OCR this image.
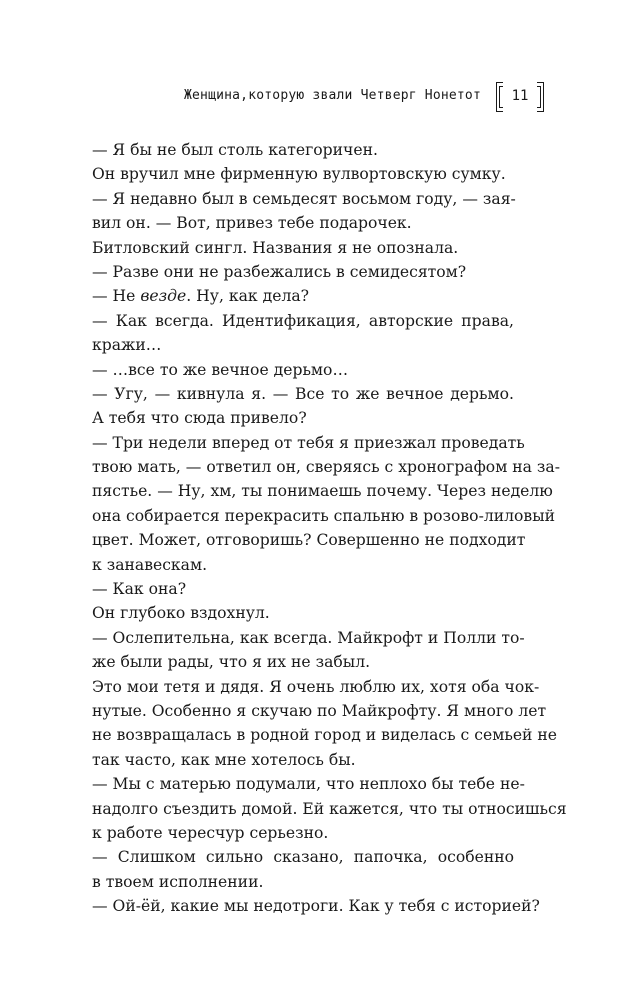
Женщина,которую звали Четверг Нонетот	11
— Я бы не был столь категоричен.
Он вручил мне фирменную вулвортовскую сумку.
— Я недавно был в семьдесят восьмом году, — зая-
вил он. — Вот, привез тебе подарочек.
Битловский сингл. Названия я не опознала.
— Разве они не разбежались в семидесятом?
— Не везде. Ну, как дела?
— Как всегда. Идентификация, авторские права,
кражи…
— …все то же вечное дерьмо…
— Угу, — кивнула я. — Все то же вечное дерьмо.
А тебя что сюда привело?
— Три недели вперед от тебя я приезжал проведать
твою мать, — ответил он, сверяясь с хронографом на за-
пястье. — Ну, хм, ты понимаешь почему. Через неделю
она собирается перекрасить спальню в розово-лиловый
цвет. Может, отговоришь? Совершенно не подходит
к занавескам.
— Как она?
Он глубоко вздохнул.
— Ослепительна, как всегда. Майкрофт и Полли то-
же были рады, что я их не забыл.
Это мои тетя и дядя. Я очень люблю их, хотя оба чок-
нутые. Особенно я скучаю по Майкрофту. Я много лет
не возвращалась в родной город и виделась с семьей не
так часто, как мне хотелось бы.
— Мы с матерью подумали, что неплохо бы тебе не-
надолго съездить домой. Ей кажется, что ты относишься
к работе чересчур серьезно.
— Слишком сильно сказано, папочка, особенно
в твоем исполнении.
— Ой-ёй, какие мы недотроги. Как у тебя с историей?
